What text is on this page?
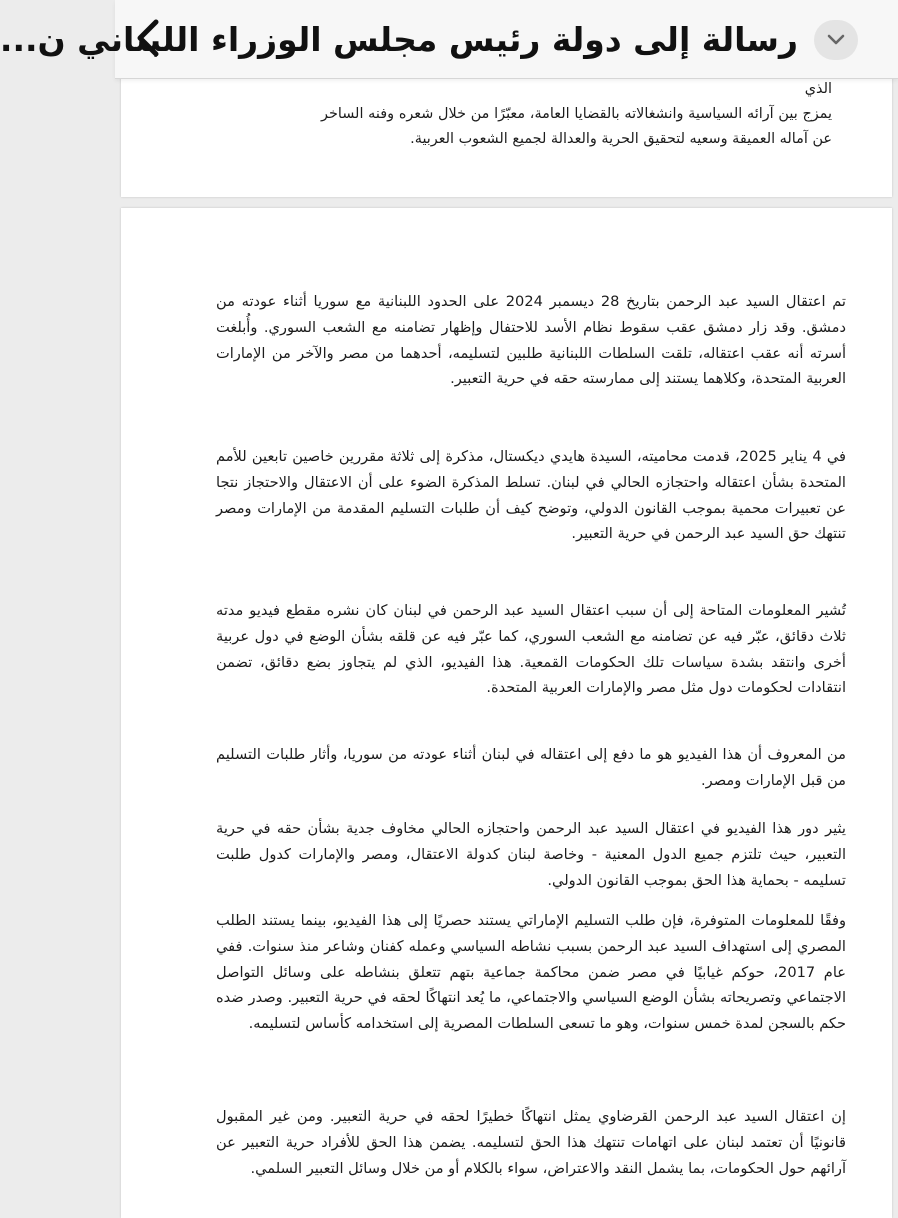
رسالة إلى دولة رئيس مجلس الوزراء اللبناني ن...

الذي

يمزج بين آرائه السياسية وانشغالاته بالقضايا العامة، معبّرًا من خلال شعره وفنه الساخر عن آماله العميقة وسعيه لتحقيق الحرية والعدالة لجميع الشعوب العربية.

تم اعتقال السيد عبد الرحمن بتاريخ 28 ديسمبر 2024 على الحدود اللبنانية مع سوريا أثناء عودته من دمشق. وقد زار دمشق عقب سقوط نظام الأسد للاحتفال وإظهار تضامنه مع الشعب السوري. وأُبلغت أسرته أنه عقب اعتقاله، تلقت السلطات اللبنانية طلبين لتسليمه، أحدهما من مصر والآخر من الإمارات العربية المتحدة، وكلاهما يستند إلى ممارسته حقه في حرية التعبير.

في 4 يناير 2025، قدمت محاميته، السيدة هايدي ديكستال، مذكرة إلى ثلاثة مقررين خاصين تابعين للأمم المتحدة بشأن اعتقاله واحتجازه الحالي في لبنان. تسلط المذكرة الضوء على أن الاعتقال والاحتجاز نتجا عن تعبيرات محمية بموجب القانون الدولي، وتوضح كيف أن طلبات التسليم المقدمة من الإمارات ومصر تنتهك حق السيد عبد الرحمن في حرية التعبير.

تُشير المعلومات المتاحة إلى أن سبب اعتقال السيد عبد الرحمن في لبنان كان نشره مقطع فيديو مدته ثلاث دقائق، عبّر فيه عن تضامنه مع الشعب السوري، كما عبّر فيه عن قلقه بشأن الوضع في دول عربية أخرى وانتقد بشدة سياسات تلك الحكومات القمعية. هذا الفيديو، الذي لم يتجاوز بضع دقائق، تضمن انتقادات لحكومات دول مثل مصر والإمارات العربية المتحدة.

من المعروف أن هذا الفيديو هو ما دفع إلى اعتقاله في لبنان أثناء عودته من سوريا، وأثار طلبات التسليم من قبل الإمارات ومصر.

يثير دور هذا الفيديو في اعتقال السيد عبد الرحمن واحتجازه الحالي مخاوف جدية بشأن حقه في حرية التعبير، حيث تلتزم جميع الدول المعنية - وخاصة لبنان كدولة الاعتقال، ومصر والإمارات كدول طلبت تسليمه - بحماية هذا الحق بموجب القانون الدولي.

وفقًا للمعلومات المتوفرة، فإن طلب التسليم الإماراتي يستند حصريًا إلى هذا الفيديو، بينما يستند الطلب المصري إلى استهداف السيد عبد الرحمن بسبب نشاطه السياسي وعمله كفنان وشاعر منذ سنوات. ففي عام 2017، حوكم غيابيًا في مصر ضمن محاكمة جماعية بتهم تتعلق بنشاطه على وسائل التواصل الاجتماعي وتصريحاته بشأن الوضع السياسي والاجتماعي، ما يُعد انتهاكًا لحقه في حرية التعبير. وصدر ضده حكم بالسجن لمدة خمس سنوات، وهو ما تسعى السلطات المصرية إلى استخدامه كأساس لتسليمه.

إن اعتقال السيد عبد الرحمن القرضاوي يمثل انتهاكًا خطيرًا لحقه في حرية التعبير. ومن غير المقبول قانونيًا أن تعتمد لبنان على اتهامات تنتهك هذا الحق لتسليمه. يضمن هذا الحق للأفراد حرية التعبير عن آرائهم حول الحكومات، بما يشمل النقد والاعتراض، سواء بالكلام أو من خلال وسائل التعبير السلمي.
